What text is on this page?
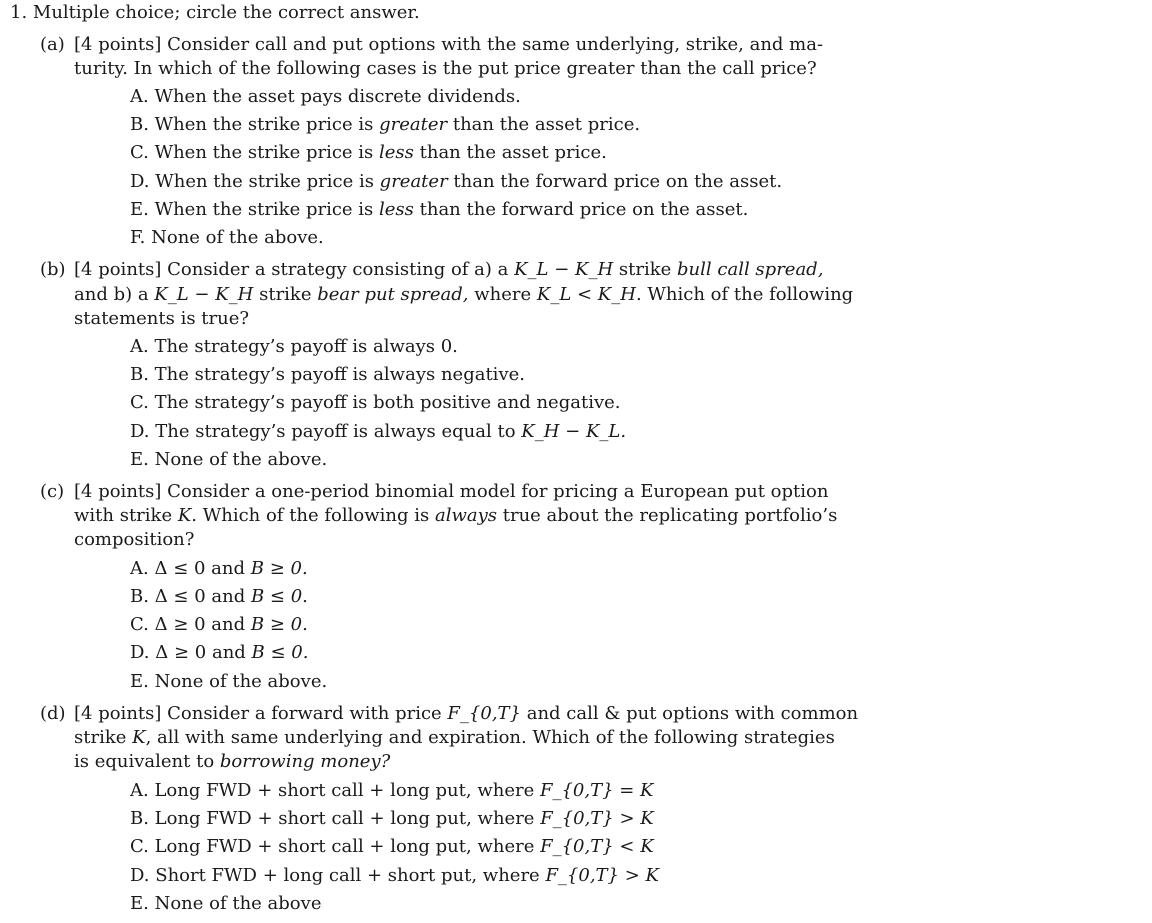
1. Multiple choice; circle the correct answer.
(a) [4 points] Consider call and put options with the same underlying, strike, and ma-
turity. In which of the following cases is the put price greater than the call price?
A. When the asset pays discrete dividends.
B. When the strike price is greater than the asset price.
C. When the strike price is less than the asset price.
D. When the strike price is greater than the forward price on the asset.
E. When the strike price is less than the forward price on the asset.
F. None of the above.
(b) [4 points] Consider a strategy consisting of a) a K_L − K_H strike bull call spread,
and b) a K_L − K_H strike bear put spread, where K_L < K_H. Which of the following
statements is true?
A. The strategy’s payoff is always 0.
B. The strategy’s payoff is always negative.
C. The strategy’s payoff is both positive and negative.
D. The strategy’s payoff is always equal to K_H − K_L.
E. None of the above.
(c) [4 points] Consider a one-period binomial model for pricing a European put option
with strike K. Which of the following is always true about the replicating portfolio’s
composition?
A. Δ ≤ 0 and B ≥ 0.
B. Δ ≤ 0 and B ≤ 0.
C. Δ ≥ 0 and B ≥ 0.
D. Δ ≥ 0 and B ≤ 0.
E. None of the above.
(d) [4 points] Consider a forward with price F_{0,T} and call & put options with common
strike K, all with same underlying and expiration. Which of the following strategies
is equivalent to borrowing money?
A. Long FWD + short call + long put, where F_{0,T} = K
B. Long FWD + short call + long put, where F_{0,T} > K
C. Long FWD + short call + long put, where F_{0,T} < K
D. Short FWD + long call + short put, where F_{0,T} > K
E. None of the above
